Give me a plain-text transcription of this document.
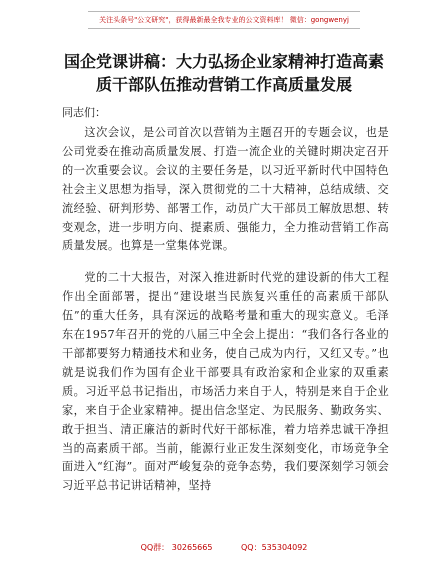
关注头条号"公文研究"，获得最新最全我专业的公文资料库！ 微信：gongwenyj
国企党课讲稿：大力弘扬企业家精神打造高素
质干部队伍推动营销工作高质量发展
同志们：

这次会议，是公司首次以营销为主题召开的专题会议，也是公司党委在推动高质量发展、打造一流企业的关键时期决定召开的一次重要会议。会议的主要任务是，以习近平新时代中国特色社会主义思想为指导，深入贯彻党的二十大精神，总结成绩、交流经验、研判形势、部署工作，动员广大干部员工解放思想、转变观念，进一步明方向、提素质、强能力，全力推动营销工作高质量发展。也算是一堂集体党课。

党的二十大报告，对深入推进新时代党的建设新的伟大工程作出全面部署，提出“建设堪当民族复兴重任的高素质干部队伍”的重大任务，具有深远的战略考量和重大的现实意义。毛泽东在1957年召开的党的八届三中全会上提出：“我们各行各业的干部都要努力精通技术和业务，使自己成为内行，又红又专。”也就是说我们作为国有企业干部要具有政治家和企业家的双重素质。习近平总书记指出，市场活力来自于人，特别是来自于企业家，来自于企业家精神。提出信念坚定、为民服务、勤政务实、敢于担当、清正廉洁的新时代好干部标准，着力培养忠诚干净担当的高素质干部。当前，能源行业正发生深刻变化，市场竞争全面进入“红海”。面对严峻复杂的竞争态势，我们要深刻学习领会习近平总书记讲话精神，坚持

QQ群： 30265665	QQ：535304092
